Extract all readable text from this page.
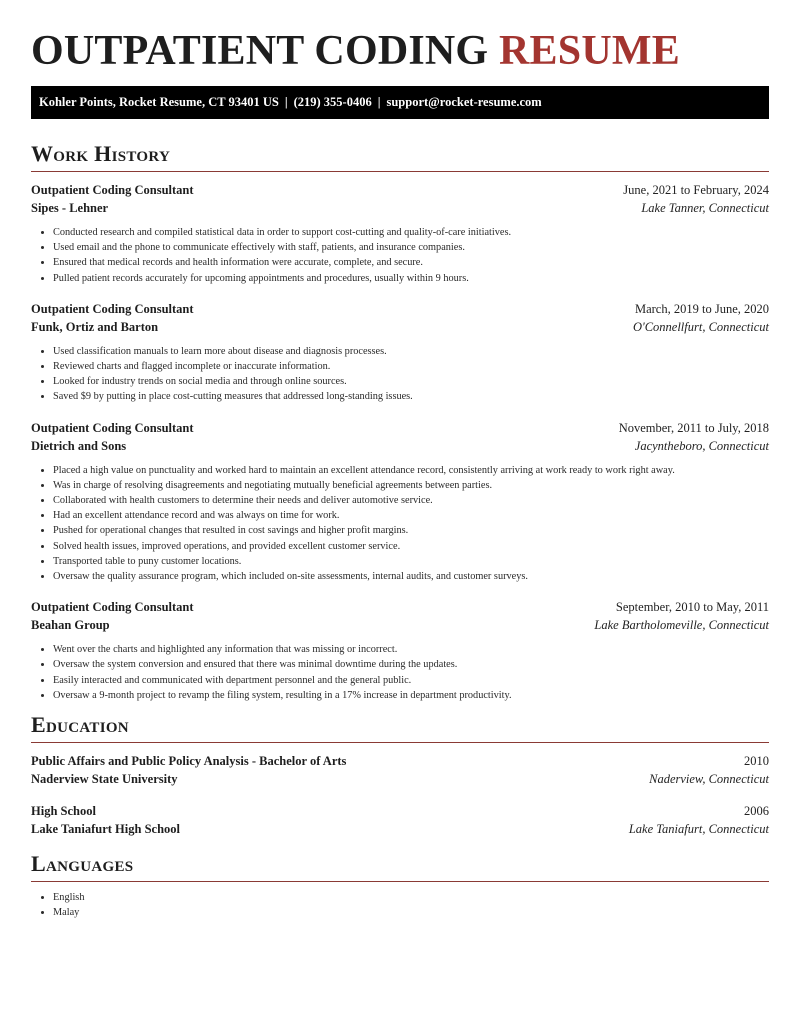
OUTPATIENT CODING RESUME
Kohler Points, Rocket Resume, CT 93401 US | (219) 355-0406 | support@rocket-resume.com
Work History
Outpatient Coding Consultant	June, 2021 to February, 2024
Sipes - Lehner	Lake Tanner, Connecticut
• Conducted research and compiled statistical data in order to support cost-cutting and quality-of-care initiatives.
• Used email and the phone to communicate effectively with staff, patients, and insurance companies.
• Ensured that medical records and health information were accurate, complete, and secure.
• Pulled patient records accurately for upcoming appointments and procedures, usually within 9 hours.
Outpatient Coding Consultant	March, 2019 to June, 2020
Funk, Ortiz and Barton	O'Connellfurt, Connecticut
• Used classification manuals to learn more about disease and diagnosis processes.
• Reviewed charts and flagged incomplete or inaccurate information.
• Looked for industry trends on social media and through online sources.
• Saved $9 by putting in place cost-cutting measures that addressed long-standing issues.
Outpatient Coding Consultant	November, 2011 to July, 2018
Dietrich and Sons	Jacyntheboro, Connecticut
• Placed a high value on punctuality and worked hard to maintain an excellent attendance record, consistently arriving at work ready to work right away.
• Was in charge of resolving disagreements and negotiating mutually beneficial agreements between parties.
• Collaborated with health customers to determine their needs and deliver automotive service.
• Had an excellent attendance record and was always on time for work.
• Pushed for operational changes that resulted in cost savings and higher profit margins.
• Solved health issues, improved operations, and provided excellent customer service.
• Transported table to puny customer locations.
• Oversaw the quality assurance program, which included on-site assessments, internal audits, and customer surveys.
Outpatient Coding Consultant	September, 2010 to May, 2011
Beahan Group	Lake Bartholomeville, Connecticut
• Went over the charts and highlighted any information that was missing or incorrect.
• Oversaw the system conversion and ensured that there was minimal downtime during the updates.
• Easily interacted and communicated with department personnel and the general public.
• Oversaw a 9-month project to revamp the filing system, resulting in a 17% increase in department productivity.
Education
Public Affairs and Public Policy Analysis - Bachelor of Arts	2010
Naderview State University	Naderview, Connecticut
High School	2006
Lake Taniafurt High School	Lake Taniafurt, Connecticut
Languages
• English
• Malay
